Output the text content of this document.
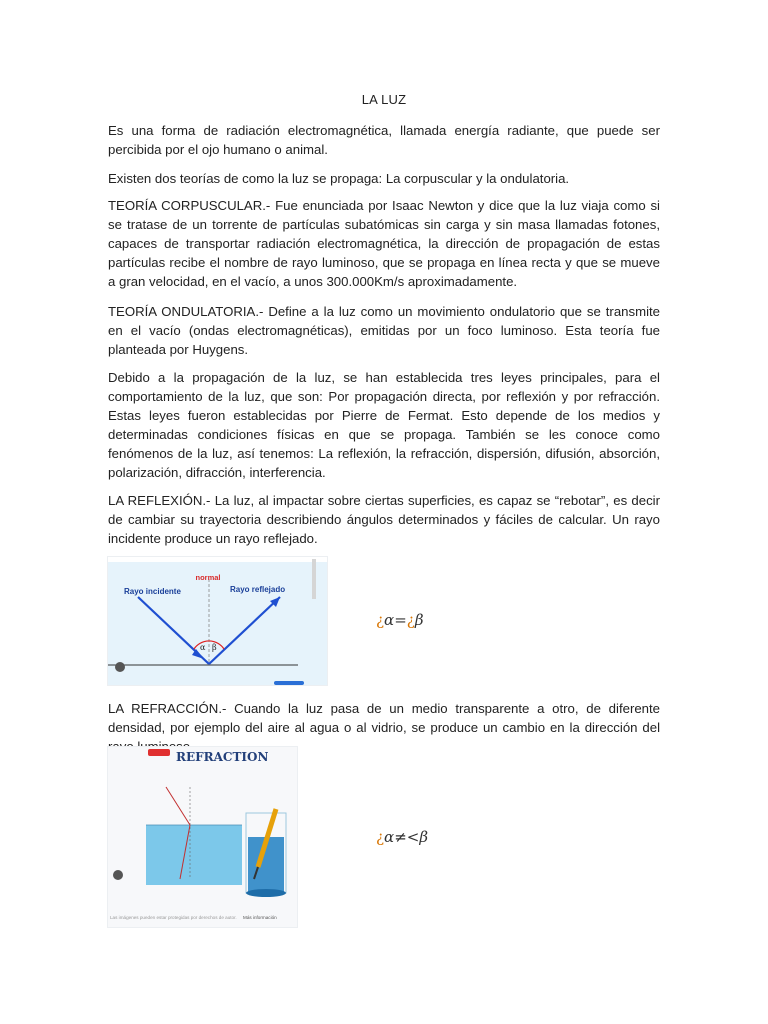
LA LUZ

Es una forma de radiación electromagnética, llamada energía radiante, que puede ser percibida por el ojo humano o animal.

Existen dos teorías de como la luz se propaga: La corpuscular y la ondulatoria.

TEORÍA CORPUSCULAR.- Fue enunciada por Isaac Newton y dice que la luz viaja como si se tratase de un torrente de partículas subatómicas sin carga y sin masa llamadas fotones, capaces de transportar radiación electromagnética, la dirección de propagación de estas partículas recibe el nombre de rayo luminoso, que se propaga en línea recta y que se mueve a gran velocidad, en el vacío, a unos 300.000Km/s aproximadamente.

TEORÍA ONDULATORIA.- Define a la luz como un movimiento ondulatorio que se transmite en el vacío (ondas electromagnéticas), emitidas por un foco luminoso. Esta teoría fue planteada por Huygens.

Debido a la propagación de la luz, se han establecida tres leyes principales, para el comportamiento de la luz, que son: Por propagación directa, por reflexión y por refracción. Estas leyes fueron establecidas por Pierre de Fermat. Esto depende de los medios y determinadas condiciones físicas en que se propaga. También se les conoce como fenómenos de la luz, así tenemos: La reflexión, la refracción, dispersión, difusión, absorción, polarización, difracción, interferencia.

LA REFLEXIÓN.- La luz, al impactar sobre ciertas superficies, es capaz se “rebotar”, es decir de cambiar su trayectoria describiendo ángulos determinados y fáciles de calcular. Un rayo incidente produce un rayo reflejado.

normal
Rayo incidente	Rayo reflejado
α β
¿α=¿β

LA REFRACCIÓN.- Cuando la luz pasa de un medio transparente a otro, de diferente densidad, por ejemplo del aire al agua o al vidrio, se produce un cambio en la dirección del

REFRACTION
Las imágenes pueden estar protegidas por derechos de autor. Más información
¿α≠<β
